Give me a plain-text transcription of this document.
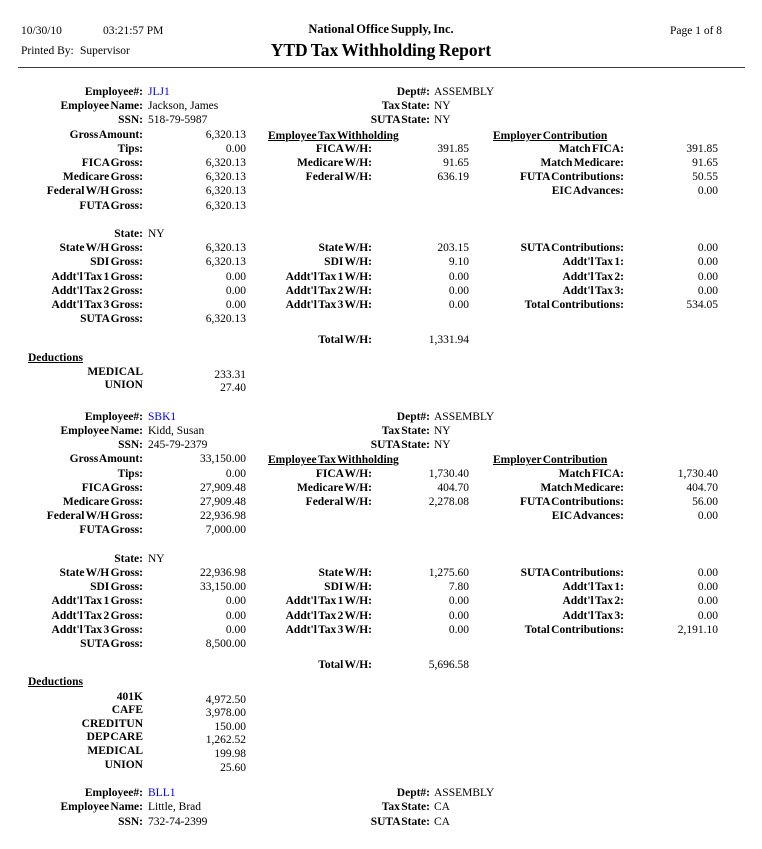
10/30/10	03:21:57 PM	National Office Supply, Inc.	Page 1 of 8
Printed By: Supervisor	YTD Tax Withholding Report
Employee#: JLJ1	Dept#: ASSEMBLY
Employee Name: Jackson, James	Tax State: NY
SSN: 518-79-5987	SUTA State: NY
Employee Tax Withholding	Employer Contribution
Gross Amount:	6,320.13
Tips:	0.00
FICA Gross:	6,320.13
Medicare Gross:	6,320.13
Federal W/H Gross:	6,320.13
FUTA Gross:	6,320.13
FICA W/H:	391.85
Medicare W/H:	91.65
Federal W/H:	636.19
Match FICA:	391.85
Match Medicare:	91.65
FUTA Contributions:	50.55
EIC Advances:	0.00
State: NY
State W/H Gross:	6,320.13
SDI Gross:	6,320.13
Addt'l Tax 1 Gross:	0.00
Addt'l Tax 2 Gross:	0.00
Addt'l Tax 3 Gross:	0.00
SUTA Gross:	6,320.13
State W/H:	203.15
SDI W/H:	9.10
Addt'l Tax 1 W/H:	0.00
Addt'l Tax 2 W/H:	0.00
Addt'l Tax 3 W/H:	0.00
SUTA Contributions:	0.00
Addt'l Tax 1:	0.00
Addt'l Tax 2:	0.00
Addt'l Tax 3:	0.00
Total Contributions:	534.05
Total W/H:	1,331.94
Deductions
MEDICAL	233.31
UNION	27.40
Employee#: SBK1	Dept#: ASSEMBLY
Employee Name: Kidd, Susan	Tax State: NY
SSN: 245-79-2379	SUTA State: NY
Employee Tax Withholding	Employer Contribution
Gross Amount:	33,150.00
Tips:	0.00
FICA Gross:	27,909.48
Medicare Gross:	27,909.48
Federal W/H Gross:	22,936.98
FUTA Gross:	7,000.00
FICA W/H:	1,730.40
Medicare W/H:	404.70
Federal W/H:	2,278.08
Match FICA:	1,730.40
Match Medicare:	404.70
FUTA Contributions:	56.00
EIC Advances:	0.00
State: NY
State W/H Gross:	22,936.98
SDI Gross:	33,150.00
Addt'l Tax 1 Gross:	0.00
Addt'l Tax 2 Gross:	0.00
Addt'l Tax 3 Gross:	0.00
SUTA Gross:	8,500.00
State W/H:	1,275.60
SDI W/H:	7.80
Addt'l Tax 1 W/H:	0.00
Addt'l Tax 2 W/H:	0.00
Addt'l Tax 3 W/H:	0.00
SUTA Contributions:	0.00
Addt'l Tax 1:	0.00
Addt'l Tax 2:	0.00
Addt'l Tax 3:	0.00
Total Contributions:	2,191.10
Total W/H:	5,696.58
Deductions
401K	4,972.50
CAFE	3,978.00
CREDITUN	150.00
DEP CARE	1,262.52
MEDICAL	199.98
UNION	25.60
Employee#: BLL1	Dept#: ASSEMBLY
Employee Name: Little, Brad	Tax State: CA
SSN: 732-74-2399	SUTA State: CA
